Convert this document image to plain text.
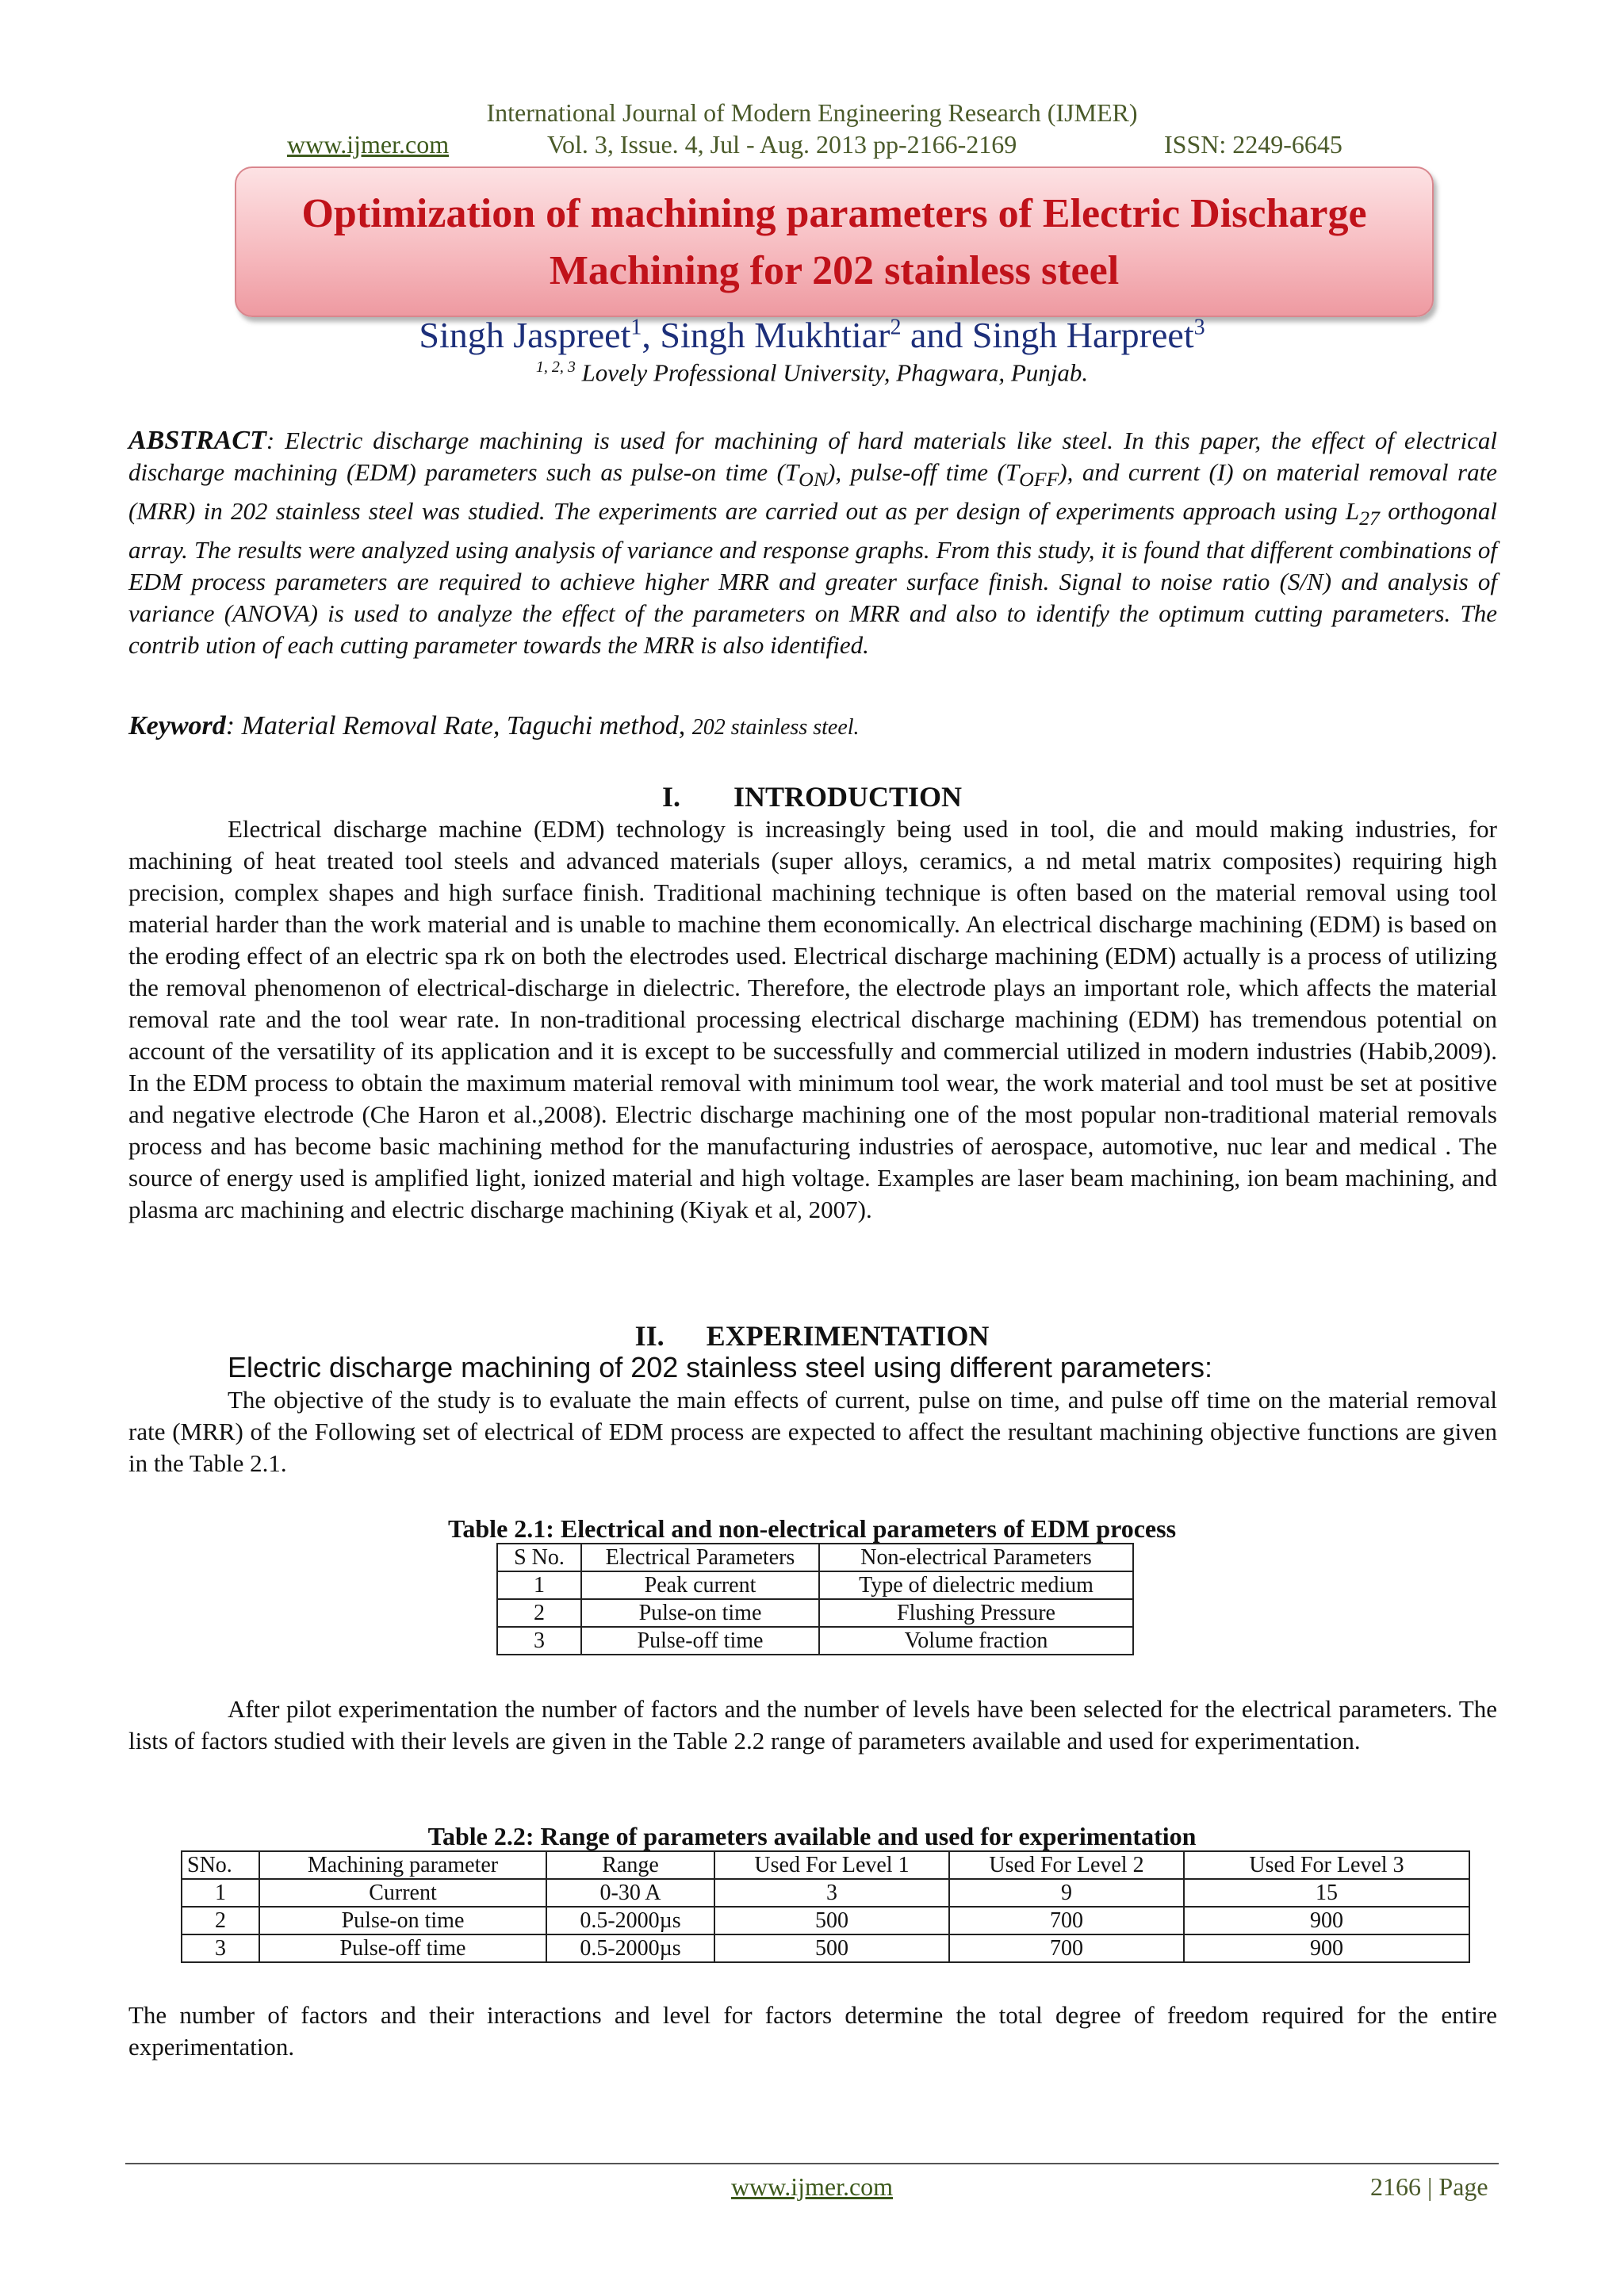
International Journal of Modern Engineering Research (IJMER)
www.ijmer.com	Vol. 3, Issue. 4, Jul - Aug. 2013 pp-2166-2169	ISSN: 2249-6645
Optimization of machining parameters of Electric Discharge
Machining for 202 stainless steel
Singh Jaspreet$^1$, Singh Mukhtiar$^2$ and Singh Harpreet$^3$
$^{1, 2, 3}$ Lovely Professional University, Phagwara, Punjab.
ABSTRACT: Electric discharge machining is used for machining of hard materials like steel. In this paper, the effect of electrical discharge machining (EDM) parameters such as pulse-on time $(T_{ON})$, pulse-off time $(T_{OFF})$, and current (I) on material removal rate (MRR) in 202 stainless steel was studied. The experiments are carried out as per design of experiments approach using $L_{27}$ orthogonal array. The results were analyzed using analysis of variance and response graphs. From this study, it is found that different combinations of EDM process parameters are required to achieve higher MRR and greater surface finish. Signal to noise ratio (S/N) and analysis of variance (ANOVA) is used to analyze the effect of the parameters on MRR and also to identify the optimum cutting parameters. The contrib ution of each cutting parameter towards the MRR is also identified.
Keyword: Material Removal Rate, Taguchi method, 202 stainless steel.
I. INTRODUCTION
Electrical discharge machine (EDM) technology is increasingly being used in tool, die and mould making industries, for machining of heat treated tool steels and advanced materials (super alloys, ceramics, a nd metal matrix composites) requiring high precision, complex shapes and high surface finish. Traditional machining technique is often based on the material removal using tool material harder than the work material and is unable to machine them economically. An electrical discharge machining (EDM) is based on the eroding effect of an electric spa rk on both the electrodes used. Electrical discharge machining (EDM) actually is a process of utilizing the removal phenomenon of electrical-discharge in dielectric. Therefore, the electrode plays an important role, which affects the material removal rate and the tool wear rate. In non-traditional processing electrical discharge machining (EDM) has tremendous potential on account of the versatility of its application and it is except to be successfully and commercial utilized in modern industries (Habib,2009). In the EDM process to obtain the maximum material removal with minimum tool wear, the work material and tool must be set at positive and negative electrode (Che Haron et al.,2008). Electric discharge machining one of the most popular non-traditional material removals process and has become basic machining method for the manufacturing industries of aerospace, automotive, nuc lear and medical . The source of energy used is amplified light, ionized material and high voltage. Examples are laser beam machining, ion beam machining, and plasma arc machining and electric discharge machining (Kiyak et al, 2007).
II. EXPERIMENTATION
Electric discharge machining of 202 stainless steel using different parameters:
The objective of the study is to evaluate the main effects of current, pulse on time, and pulse off time on the material removal rate (MRR) of the Following set of electrical of EDM process are expected to affect the resultant machining objective functions are given in the Table 2.1.
Table 2.1: Electrical and non-electrical parameters of EDM process
S No.	Electrical Parameters	Non-electrical Parameters
1	Peak current	Type of dielectric medium
2	Pulse-on time	Flushing Pressure
3	Pulse-off time	Volume fraction
After pilot experimentation the number of factors and the number of levels have been selected for the electrical parameters. The lists of factors studied with their levels are given in the Table 2.2 range of parameters available and used for experimentation.
Table 2.2: Range of parameters available and used for experimentation
SNo.	Machining parameter	Range	Used For Level 1	Used For Level 2	Used For Level 3
1	Current	0-30 A	3	9	15
2	Pulse-on time	0.5-2000µs	500	700	900
3	Pulse-off time	0.5-2000µs	500	700	900
The number of factors and their interactions and level for factors determine the total degree of freedom required for the entire experimentation.
www.ijmer.com	2166 | Page
